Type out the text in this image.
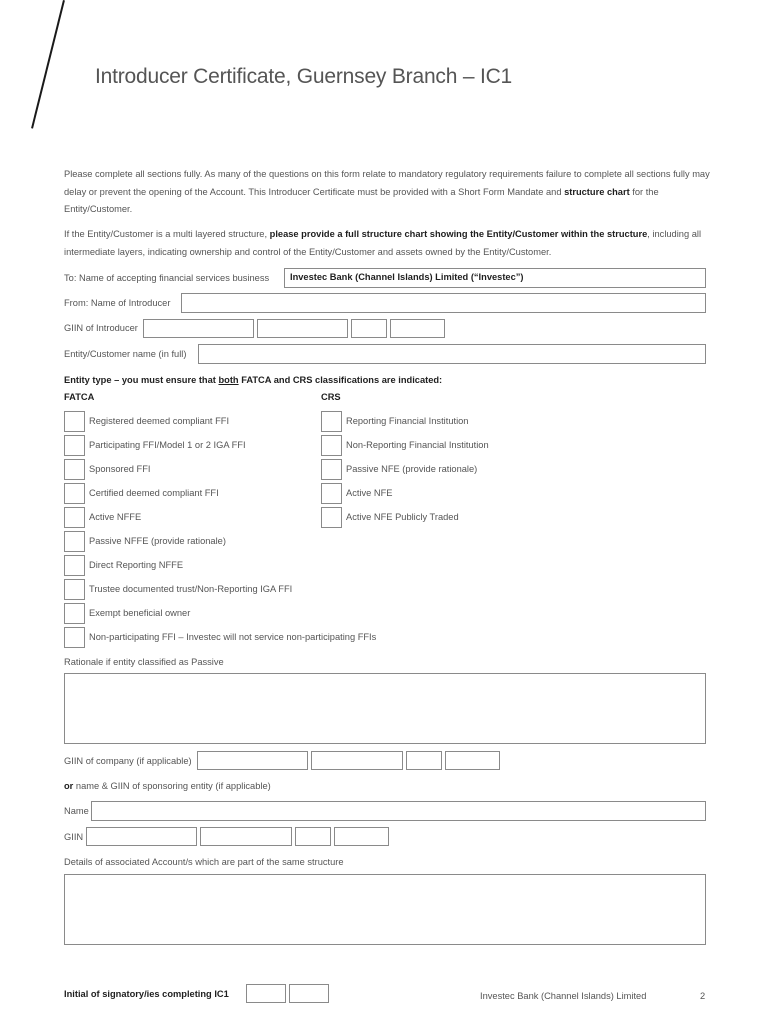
Introducer Certificate, Guernsey Branch – IC1

Please complete all sections fully. As many of the questions on this form relate to mandatory regulatory requirements failure to complete all sections fully may delay or prevent the opening of the Account. This Introducer Certificate must be provided with a Short Form Mandate and structure chart for the Entity/Customer.

If the Entity/Customer is a multi layered structure, please provide a full structure chart showing the Entity/Customer within the structure, including all intermediate layers, indicating ownership and control of the Entity/Customer and assets owned by the Entity/Customer.

To: Name of accepting financial services business	Investec Bank (Channel Islands) Limited (“Investec”)
From: Name of Introducer
GIIN of Introducer
Entity/Customer name (in full)
Entity type – you must ensure that both FATCA and CRS classifications are indicated:
FATCA	CRS
Registered deemed compliant FFI
Participating FFI/Model 1 or 2 IGA FFI
Sponsored FFI
Certified deemed compliant FFI
Active NFFE
Passive NFFE (provide rationale)
Direct Reporting NFFE
Trustee documented trust/Non-Reporting IGA FFI
Exempt beneficial owner
Non-participating FFI – Investec will not service non-participating FFIs
Reporting Financial Institution
Non-Reporting Financial Institution
Passive NFE (provide rationale)
Active NFE
Active NFE Publicly Traded
Rationale if entity classified as Passive
GIIN of company (if applicable)
or name & GIIN of sponsoring entity (if applicable)
Name
GIIN
Details of associated Account/s which are part of the same structure
Initial of signatory/ies completing IC1	Investec Bank (Channel Islands) Limited	2
